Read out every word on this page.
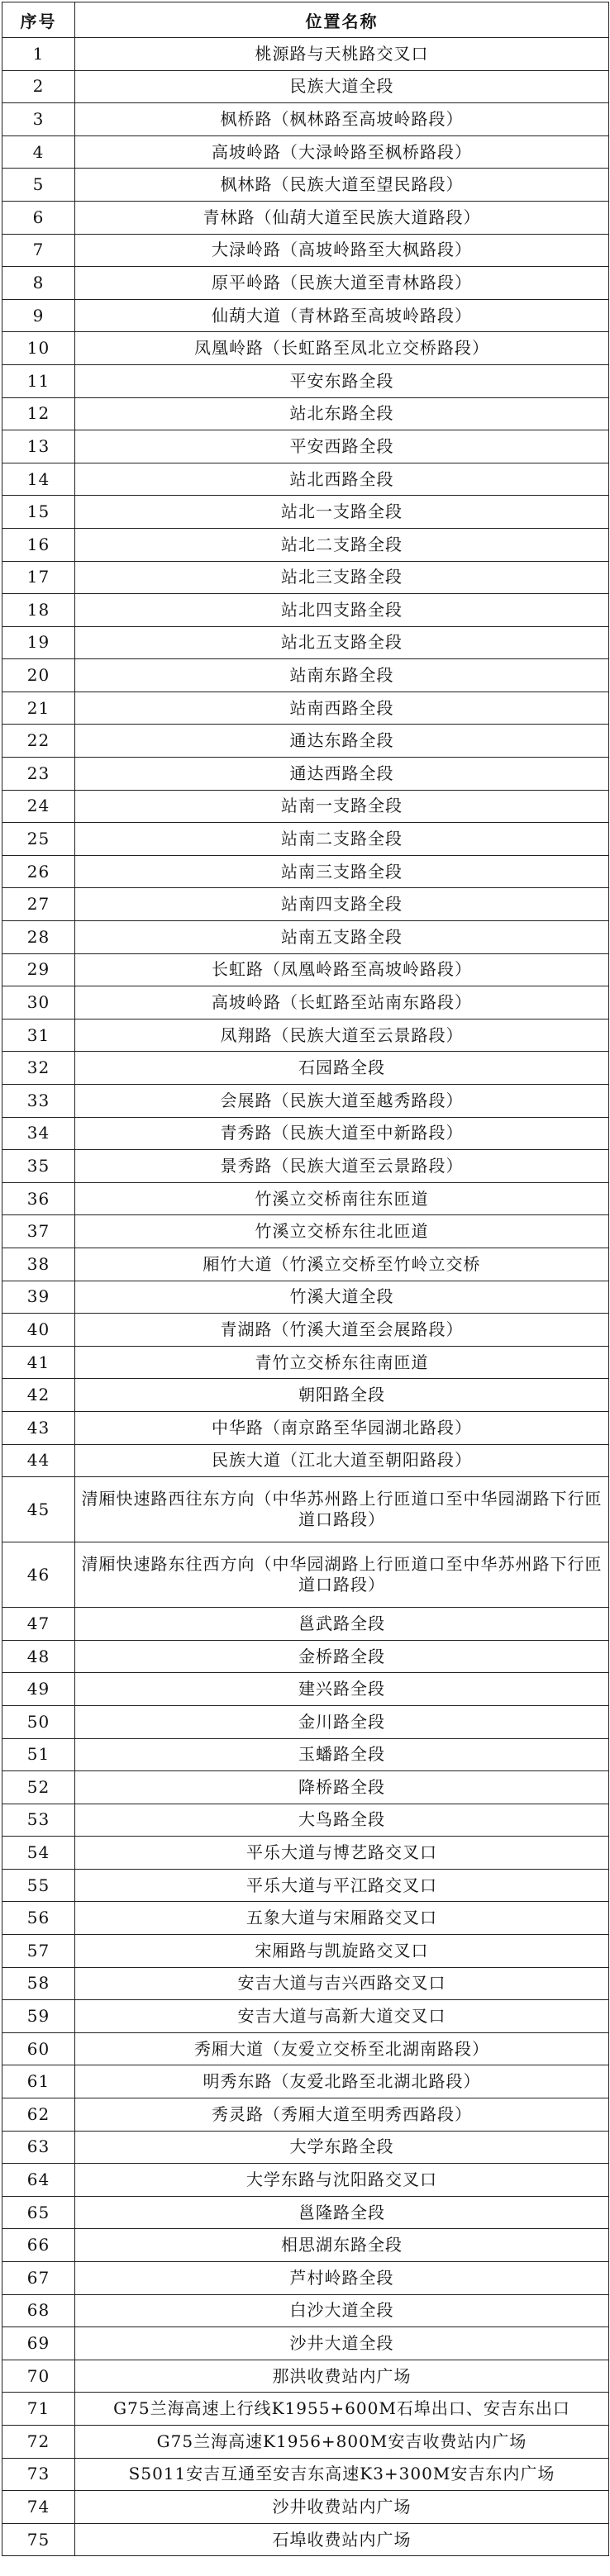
序号	位置名称
1	桃源路与天桃路交叉口
2	民族大道全段
3	枫桥路（枫林路至高坡岭路段）
4	高坡岭路（大渌岭路至枫桥路段）
5	枫林路（民族大道至望民路段）
6	青林路（仙葫大道至民族大道路段）
7	大渌岭路（高坡岭路至大枫路段）
8	原平岭路（民族大道至青林路段）
9	仙葫大道（青林路至高坡岭路段）
10	凤凰岭路（长虹路至凤北立交桥路段）
11	平安东路全段
12	站北东路全段
13	平安西路全段
14	站北西路全段
15	站北一支路全段
16	站北二支路全段
17	站北三支路全段
18	站北四支路全段
19	站北五支路全段
20	站南东路全段
21	站南西路全段
22	通达东路全段
23	通达西路全段
24	站南一支路全段
25	站南二支路全段
26	站南三支路全段
27	站南四支路全段
28	站南五支路全段
29	长虹路（凤凰岭路至高坡岭路段）
30	高坡岭路（长虹路至站南东路段）
31	凤翔路（民族大道至云景路段）
32	石园路全段
33	会展路（民族大道至越秀路段）
34	青秀路（民族大道至中新路段）
35	景秀路（民族大道至云景路段）
36	竹溪立交桥南往东匝道
37	竹溪立交桥东往北匝道
38	厢竹大道（竹溪立交桥至竹岭立交桥
39	竹溪大道全段
40	青湖路（竹溪大道至会展路段）
41	青竹立交桥东往南匝道
42	朝阳路全段
43	中华路（南京路至华园湖北路段）
44	民族大道（江北大道至朝阳路段）
45	清厢快速路西往东方向（中华苏州路上行匝道口至中华园湖路下行匝道口路段）
46	清厢快速路东往西方向（中华园湖路上行匝道口至中华苏州路下行匝道口路段）
47	邕武路全段
48	金桥路全段
49	建兴路全段
50	金川路全段
51	玉蟠路全段
52	降桥路全段
53	大鸟路全段
54	平乐大道与博艺路交叉口
55	平乐大道与平江路交叉口
56	五象大道与宋厢路交叉口
57	宋厢路与凯旋路交叉口
58	安吉大道与吉兴西路交叉口
59	安吉大道与高新大道交叉口
60	秀厢大道（友爱立交桥至北湖南路段）
61	明秀东路（友爱北路至北湖北路段）
62	秀灵路（秀厢大道至明秀西路段）
63	大学东路全段
64	大学东路与沈阳路交叉口
65	邕隆路全段
66	相思湖东路全段
67	芦村岭路全段
68	白沙大道全段
69	沙井大道全段
70	那洪收费站内广场
71	G75兰海高速上行线K1955+600M石埠出口、安吉东出口
72	G75兰海高速K1956+800M安吉收费站内广场
73	S5011安吉互通至安吉东高速K3+300M安吉东内广场
74	沙井收费站内广场
75	石埠收费站内广场
